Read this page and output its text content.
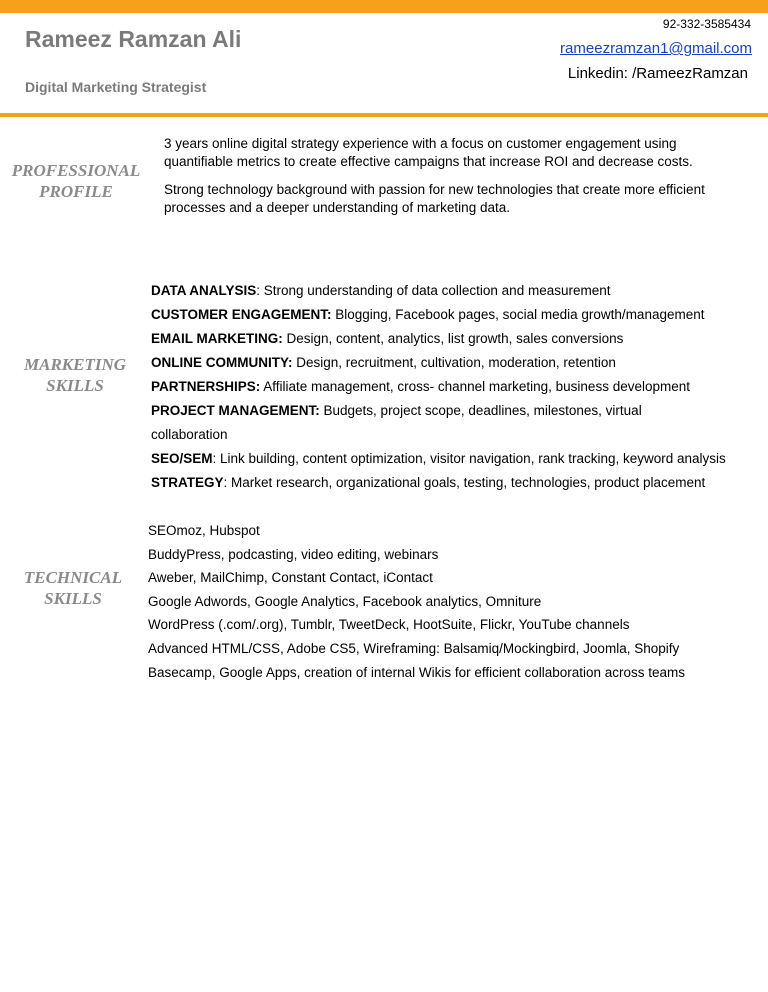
Rameez Ramzan Ali
Digital Marketing Strategist
92-332-3585434
rameezramzan1@gmail.com
Linkedin: /RameezRamzan
PROFESSIONAL
PROFILE

3 years online digital strategy experience with a focus on customer engagement using quantifiable metrics to create effective campaigns that increase ROI and decrease costs.

Strong technology background with passion for new technologies that create more efficient processes and a deeper understanding of marketing data.

MARKETING
SKILLS
DATA ANALYSIS: Strong understanding of data collection and measurement
CUSTOMER ENGAGEMENT: Blogging, Facebook pages, social media growth/management
EMAIL MARKETING: Design, content, analytics, list growth, sales conversions
ONLINE COMMUNITY: Design, recruitment, cultivation, moderation, retention
PARTNERSHIPS: Affiliate management, cross- channel marketing, business development
PROJECT MANAGEMENT: Budgets, project scope, deadlines, milestones, virtual collaboration
SEO/SEM: Link building, content optimization, visitor navigation, rank tracking, keyword analysis
STRATEGY: Market research, organizational goals, testing, technologies, product placement
TECHNICAL
SKILLS
SEOmoz, Hubspot
BuddyPress, podcasting, video editing, webinars
Aweber, MailChimp, Constant Contact, iContact
Google Adwords, Google Analytics, Facebook analytics, Omniture
WordPress (.com/.org), Tumblr, TweetDeck, HootSuite, Flickr, YouTube channels
Advanced HTML/CSS, Adobe CS5, Wireframing: Balsamiq/Mockingbird, Joomla, Shopify
Basecamp, Google Apps, creation of internal Wikis for efficient collaboration across teams
